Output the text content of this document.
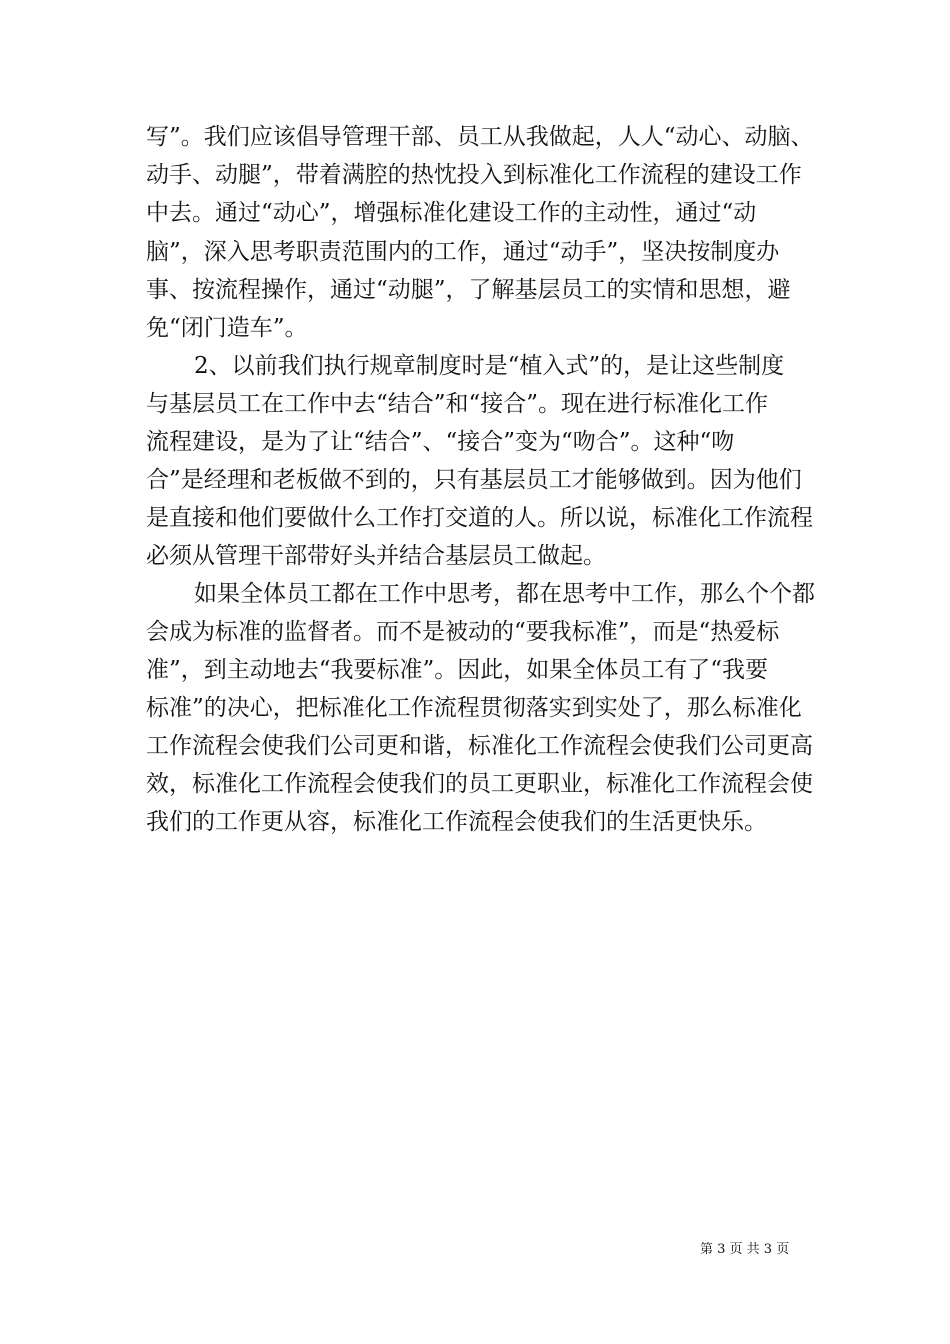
写”。我们应该倡导管理干部、员工从我做起，人人“动心、动脑、
动手、动腿”，带着满腔的热忱投入到标准化工作流程的建设工作
中去。通过“动心”，增强标准化建设工作的主动性，通过“动
脑”，深入思考职责范围内的工作，通过“动手”，坚决按制度办
事、按流程操作，通过“动腿”，了解基层员工的实情和思想，避
免“闭门造车”。
2、以前我们执行规章制度时是“植入式”的，是让这些制度
与基层员工在工作中去“结合”和“接合”。现在进行标准化工作
流程建设，是为了让“结合”、“接合”变为“吻合”。这种“吻
合”是经理和老板做不到的，只有基层员工才能够做到。因为他们
是直接和他们要做什么工作打交道的人。所以说，标准化工作流程
必须从管理干部带好头并结合基层员工做起。
如果全体员工都在工作中思考，都在思考中工作，那么个个都
会成为标准的监督者。而不是被动的“要我标准”，而是“热爱标
准”，到主动地去“我要标准”。因此，如果全体员工有了“我要
标准”的决心，把标准化工作流程贯彻落实到实处了，那么标准化
工作流程会使我们公司更和谐，标准化工作流程会使我们公司更高
效，标准化工作流程会使我们的员工更职业，标准化工作流程会使
我们的工作更从容，标准化工作流程会使我们的生活更快乐。
第 3 页 共 3 页
